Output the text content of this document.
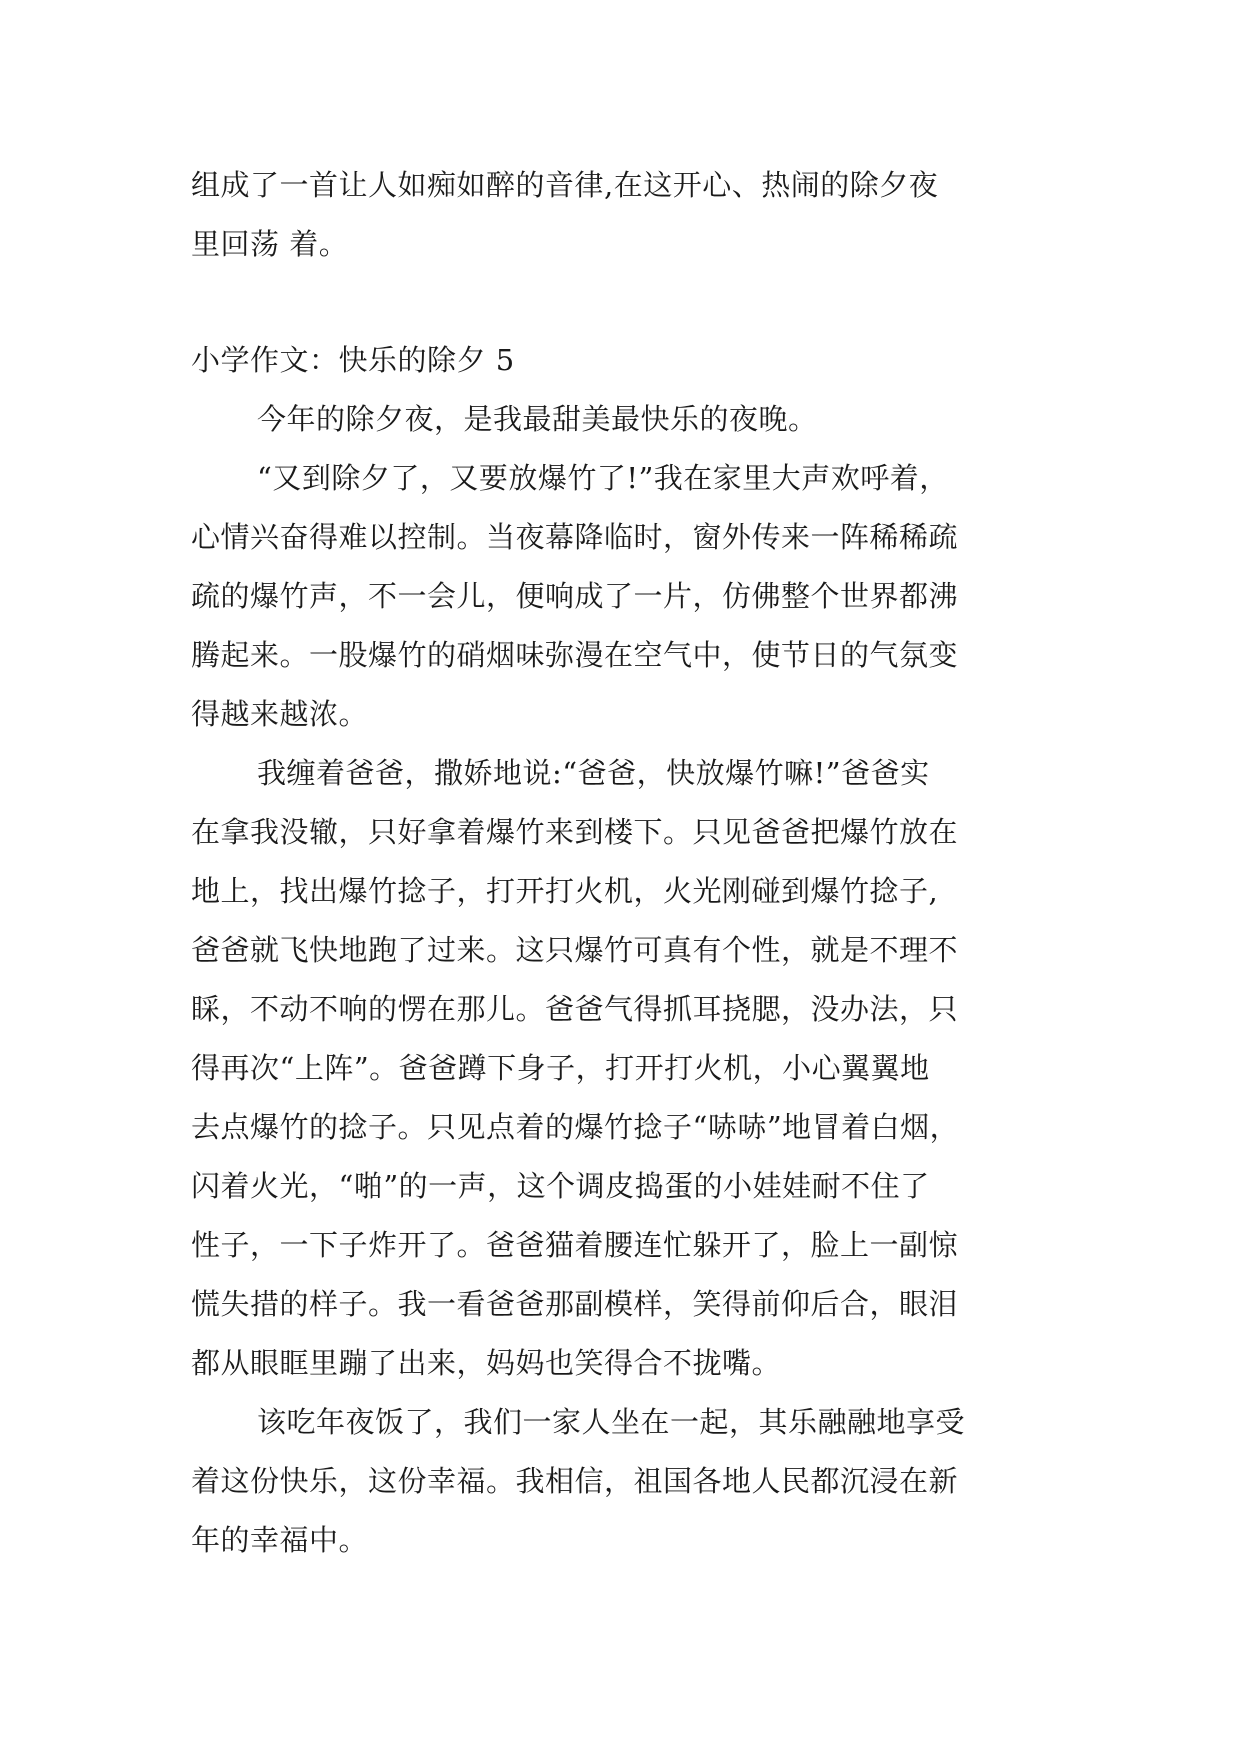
组成了一首让人如痴如醉的音律,在这开心、热闹的除夕夜

里回荡 着。

小学作文：快乐的除夕 5

今年的除夕夜，是我最甜美最快乐的夜晚。

“又到除夕了，又要放爆竹了!”我在家里大声欢呼着，

心情兴奋得难以控制。当夜幕降临时，窗外传来一阵稀稀疏

疏的爆竹声，不一会儿，便响成了一片，仿佛整个世界都沸

腾起来。一股爆竹的硝烟味弥漫在空气中，使节日的气氛变

得越来越浓。

我缠着爸爸，撒娇地说:“爸爸，快放爆竹嘛!”爸爸实

在拿我没辙，只好拿着爆竹来到楼下。只见爸爸把爆竹放在

地上，找出爆竹捻子，打开打火机，火光刚碰到爆竹捻子,

爸爸就飞快地跑了过来。这只爆竹可真有个性，就是不理不

睬，不动不响的愣在那儿。爸爸气得抓耳挠腮，没办法，只

得再次“上阵”。爸爸蹲下身子，打开打火机，小心翼翼地

去点爆竹的捻子。只见点着的爆竹捻子“哧哧”地冒着白烟，

闪着火光，“啪”的一声，这个调皮捣蛋的小娃娃耐不住了

性子，一下子炸开了。爸爸猫着腰连忙躲开了，脸上一副惊

慌失措的样子。我一看爸爸那副模样，笑得前仰后合，眼泪

都从眼眶里蹦了出来，妈妈也笑得合不拢嘴。

该吃年夜饭了，我们一家人坐在一起，其乐融融地享受

着这份快乐，这份幸福。我相信，祖国各地人民都沉浸在新

年的幸福中。
